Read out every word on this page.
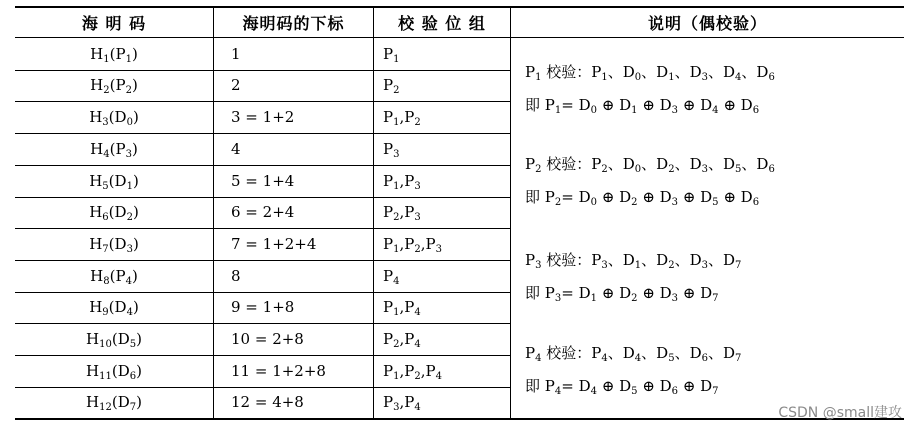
海 明 码	海明码的下标	校 验 位 组	说明（偶校验）
$H_1$ ( $P_1$ )	1	$P_1$
$H_2$ ( $P_2$ )	2	$P_2$
$H_3$ ( $D_0$ )	3 = 1+2	$P_1$ , $P_2$
$H_4$ ( $P_3$ )	4	$P_3$
$H_5$ ( $D_1$ )	5 = 1+4	$P_1$ , $P_3$
$H_6$ ( $D_2$ )	6 = 2+4	$P_2$ , $P_3$
$H_7$ ( $D_3$ )	7 = 1+2+4	$P_1$ , $P_2$ , $P_3$
$H_8$ ( $P_4$ )	8	$P_4$
$H_9$ ( $D_4$ )	9 = 1+8	$P_1$ , $P_4$
$H_{10}$ ( $D_5$ )	10 = 2+8	$P_2$ , $P_4$
$H_{11}$ ( $D_6$ )	11 = 1+2+8	$P_1$ , $P_2$ , $P_4$
$H_{12}$ ( $D_7$ )	12 = 4+8	$P_3$ , $P_4$
$P_1$ 校验：$P_1$、$D_0$、$D_1$、$D_3$、$D_4$、$D_6$
即 $P_1= D_0$ ⊕ $D_1$ ⊕ $D_3$ ⊕ $D_4$ ⊕ $D_6$
$P_2$ 校验：$P_2$、$D_0$、$D_2$、$D_3$、$D_5$、$D_6$
即 $P_2= D_0$ ⊕ $D_2$ ⊕ $D_3$ ⊕ $D_5$ ⊕ $D_6$
$P_3$ 校验：$P_3$、$D_1$、$D_2$、$D_3$、$D_7$
即 $P_3= D_1$ ⊕ $D_2$ ⊕ $D_3$ ⊕ $D_7$
$P_4$ 校验：$P_4$、$D_4$、$D_5$、$D_6$、$D_7$
即 $P_4= D_4$ ⊕ $D_5$ ⊕ $D_6$ ⊕ $D_7$
CSDN @small建攻
